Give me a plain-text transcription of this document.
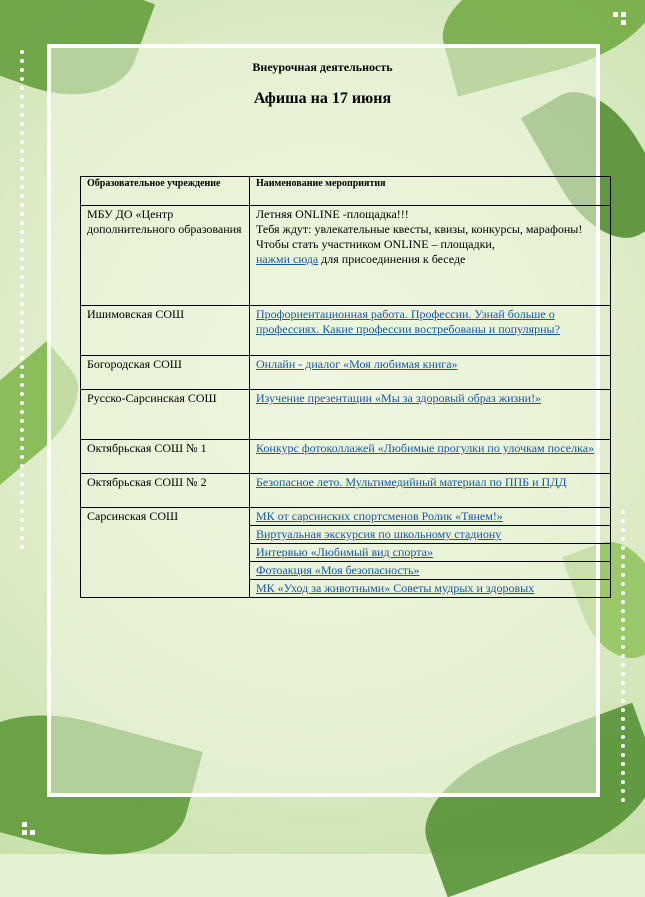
Внеурочная деятельность
Афиша на 17 июня
Образовательное учреждение	Наименование мероприятия
МБУ ДО «Центр дополнительного образования	Летняя ONLINE -площадка!!!
Тебя ждут: увлекательные квесты, квизы, конкурсы, марафоны!
Чтобы стать участником ONLINE – площадки,
нажми сюда для присоединения к беседе
Ишимовская СОШ	Профориентационная работа. Профессии. Узнай больше о профессиях. Какие профессии востребованы и популярны?
Богородская СОШ	Онлайн - диалог «Моя любимая книга»
Русско-Сарсинская СОШ	Изучение презентации «Мы за здоровый образ жизни!»
Октябрьская СОШ № 1	Конкурс фотоколлажей «Любимые прогулки по улочкам поселка»
Октябрьская СОШ № 2	Безопасное лето. Мультимедийный материал по ППБ и ПДД
Сарсинская СОШ	МК от сарсинских спортсменов Ролик «Тянем!»
	Виртуальная экскурсия по школьному стадиону
	Интервью «Любимый вид спорта»
	Фотоакция «Моя безопасность»
	МК «Уход за животными» Советы мудрых и здоровых
